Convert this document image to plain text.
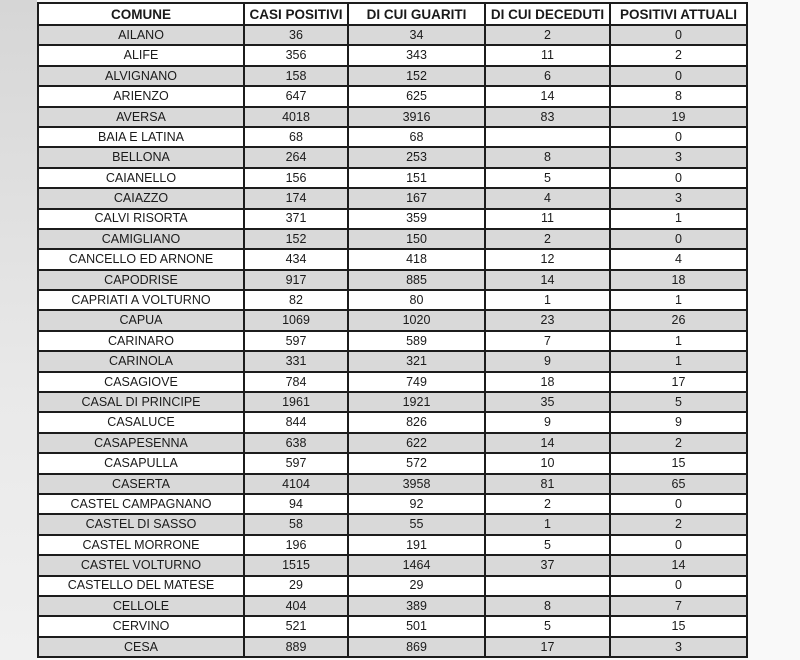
COMUNE	CASI POSITIVI	DI CUI GUARITI	DI CUI DECEDUTI	POSITIVI ATTUALI
AILANO	36	34	2	0
ALIFE	356	343	11	2
ALVIGNANO	158	152	6	0
ARIENZO	647	625	14	8
AVERSA	4018	3916	83	19
BAIA E LATINA	68	68		0
BELLONA	264	253	8	3
CAIANELLO	156	151	5	0
CAIAZZO	174	167	4	3
CALVI RISORTA	371	359	11	1
CAMIGLIANO	152	150	2	0
CANCELLO ED ARNONE	434	418	12	4
CAPODRISE	917	885	14	18
CAPRIATI A VOLTURNO	82	80	1	1
CAPUA	1069	1020	23	26
CARINARO	597	589	7	1
CARINOLA	331	321	9	1
CASAGIOVE	784	749	18	17
CASAL DI PRINCIPE	1961	1921	35	5
CASALUCE	844	826	9	9
CASAPESENNA	638	622	14	2
CASAPULLA	597	572	10	15
CASERTA	4104	3958	81	65
CASTEL CAMPAGNANO	94	92	2	0
CASTEL DI SASSO	58	55	1	2
CASTEL MORRONE	196	191	5	0
CASTEL VOLTURNO	1515	1464	37	14
CASTELLO DEL MATESE	29	29		0
CELLOLE	404	389	8	7
CERVINO	521	501	5	15
CESA	889	869	17	3
